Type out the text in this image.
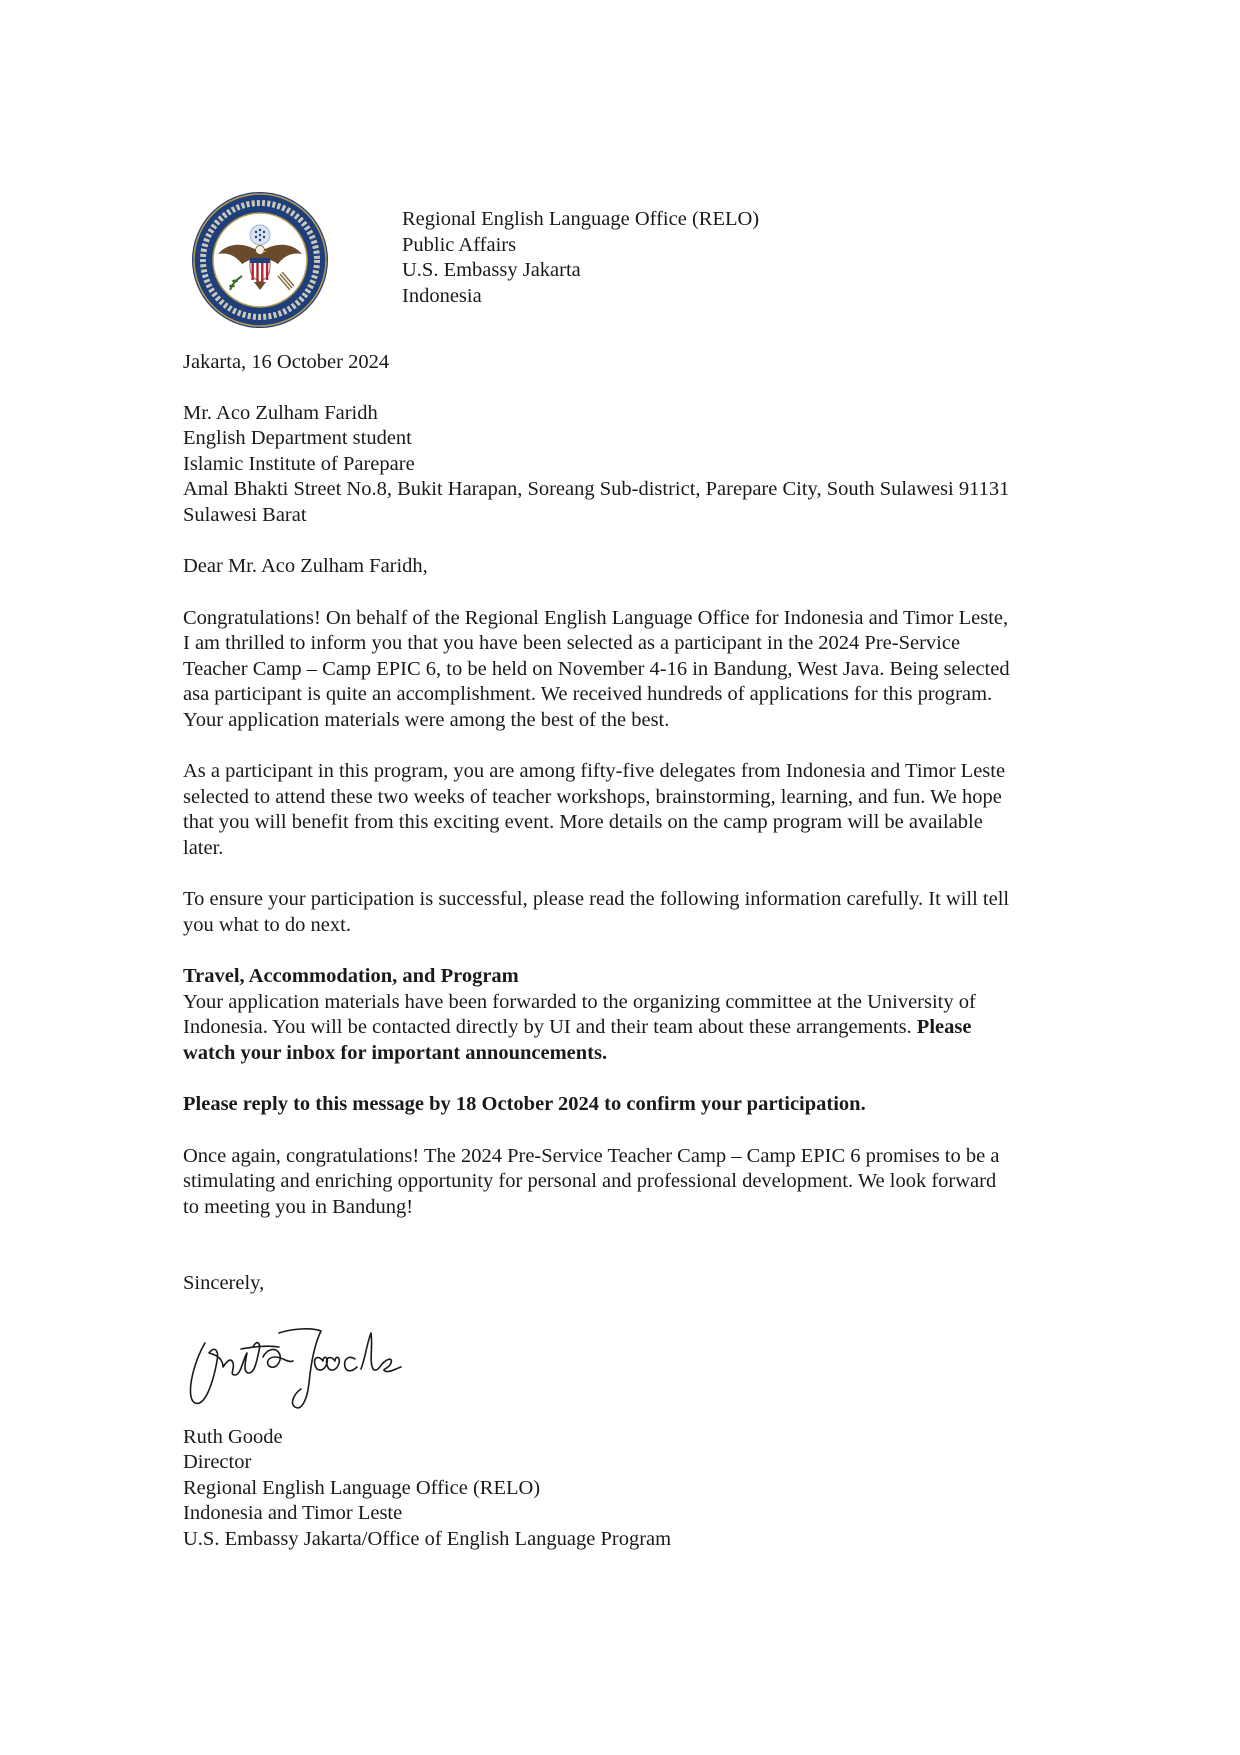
Regional English Language Office (RELO)
Public Affairs
U.S. Embassy Jakarta
Indonesia
Jakarta, 16 October 2024
Mr. Aco Zulham Faridh
English Department student
Islamic Institute of Parepare
Amal Bhakti Street No.8, Bukit Harapan, Soreang Sub-district, Parepare City, South Sulawesi 91131
Sulawesi Barat
Dear Mr. Aco Zulham Faridh,
Congratulations! On behalf of the Regional English Language Office for Indonesia and Timor Leste,
I am thrilled to inform you that you have been selected as a participant in the 2024 Pre-Service
Teacher Camp – Camp EPIC 6, to be held on November 4-16 in Bandung, West Java. Being selected
asa participant is quite an accomplishment. We received hundreds of applications for this program.
Your application materials were among the best of the best.
As a participant in this program, you are among fifty-five delegates from Indonesia and Timor Leste
selected to attend these two weeks of teacher workshops, brainstorming, learning, and fun. We hope
that you will benefit from this exciting event. More details on the camp program will be available
later.
To ensure your participation is successful, please read the following information carefully. It will tell
you what to do next.
Travel, Accommodation, and Program
Your application materials have been forwarded to the organizing committee at the University of
Indonesia. You will be contacted directly by UI and their team about these arrangements. Please
watch your inbox for important announcements.
Please reply to this message by 18 October 2024 to confirm your participation.
Once again, congratulations! The 2024 Pre-Service Teacher Camp – Camp EPIC 6 promises to be a
stimulating and enriching opportunity for personal and professional development. We look forward
to meeting you in Bandung!
Sincerely,
Ruth Goode
Director
Regional English Language Office (RELO)
Indonesia and Timor Leste
U.S. Embassy Jakarta/Office of English Language Program
